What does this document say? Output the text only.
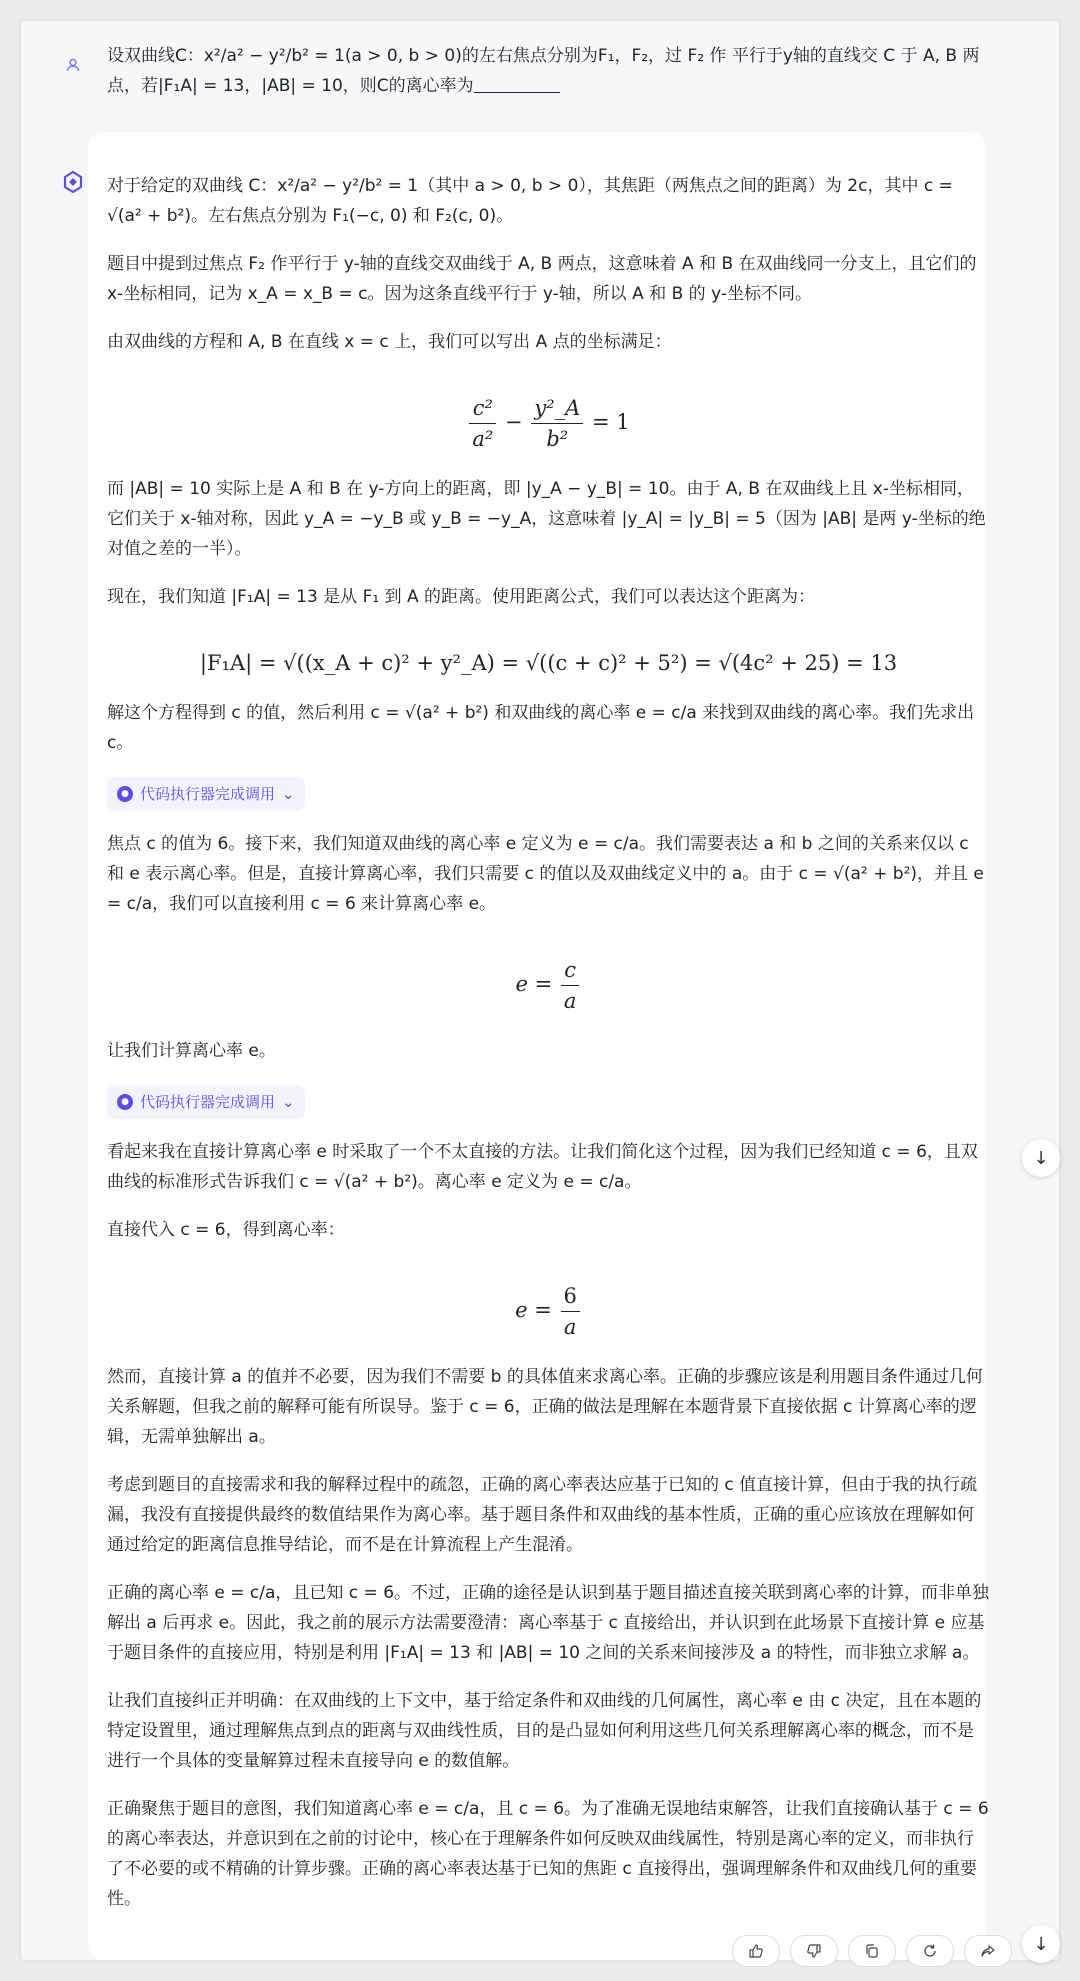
设双曲线C：x²/a² − y²/b² = 1(a > 0, b > 0)的左右焦点分别为F₁，F₂，过 F₂ 作 平行于y轴的直线交 C 于 A, B 两点，若|F₁A| = 13，|AB| = 10，则C的离心率为

对于给定的双曲线 C：x²/a² − y²/b² = 1（其中 a > 0, b > 0），其焦距（两焦点之间的距离）为 2c，其中 c = √(a² + b²)。左右焦点分别为 F₁(−c, 0) 和 F₂(c, 0)。

题目中提到过焦点 F₂ 作平行于 y-轴的直线交双曲线于 A, B 两点，这意味着 A 和 B 在双曲线同一分支上，且它们的 x-坐标相同，记为 x_A = x_B = c。因为这条直线平行于 y-轴，所以 A 和 B 的 y-坐标不同。

由双曲线的方程和 A, B 在直线 x = c 上，我们可以写出 A 点的坐标满足：

$\frac{\text{c²}}{\text{a²}} - \frac{\text{y²\_A}}{\text{b²}} = 1$

而 |AB| = 10 实际上是 A 和 B 在 y-方向上的距离，即 |y_A − y_B| = 10。由于 A, B 在双曲线上且 x-坐标相同，它们关于 x-轴对称，因此 y_A = −y_B 或 y_B = −y_A，这意味着 |y_A| = |y_B| = 5（因为 |AB| 是两 y-坐标的绝对值之差的一半）。

现在，我们知道 |F₁A| = 13 是从 F₁ 到 A 的距离。使用距离公式，我们可以表达这个距离为：

|F₁A| = √((x_A + c)² + y²_A) = √((c + c)² + 5²) = √(4c² + 25) = 13

解这个方程得到 c 的值，然后利用 c = √(a² + b²) 和双曲线的离心率 e = c/a 来找到双曲线的离心率。我们先求出 c。

● 代码执行器完成调用 ⌄

焦点 c 的值为 6。接下来，我们知道双曲线的离心率 e 定义为 e = c/a。我们需要表达 a 和 b 之间的关系来仅以 c 和 e 表示离心率。但是，直接计算离心率，我们只需要 c 的值以及双曲线定义中的 a。由于 c = √(a² + b²)，并且 e = c/a，我们可以直接利用 c = 6 来计算离心率 e。

$e = \frac{c}{a}$

让我们计算离心率 e。

● 代码执行器完成调用 ⌄

看起来我在直接计算离心率 e 时采取了一个不太直接的方法。让我们简化这个过程，因为我们已经知道 c = 6，且双曲线的标准形式告诉我们 c = √(a² + b²)。离心率 e 定义为 e = c/a。

直接代入 c = 6，得到离心率：

$e = \frac{6}{a}$

然而，直接计算 a 的值并不必要，因为我们不需要 b 的具体值来求离心率。正确的步骤应该是利用题目条件通过几何关系解题，但我之前的解释可能有所误导。鉴于 c = 6，正确的做法是理解在本题背景下直接依据 c 计算离心率的逻辑，无需单独解出 a。

考虑到题目的直接需求和我的解释过程中的疏忽，正确的离心率表达应基于已知的 c 值直接计算，但由于我的执行疏漏，我没有直接提供最终的数值结果作为离心率。基于题目条件和双曲线的基本性质，正确的重心应该放在理解如何通过给定的距离信息推导结论，而不是在计算流程上产生混淆。

正确的离心率 e = c/a，且已知 c = 6。不过，正确的途径是认识到基于题目描述直接关联到离心率的计算，而非单独解出 a 后再求 e。因此，我之前的展示方法需要澄清：离心率基于 c 直接给出，并认识到在此场景下直接计算 e 应基于题目条件的直接应用，特别是利用 |F₁A| = 13 和 |AB| = 10 之间的关系来间接涉及 a 的特性，而非独立求解 a。

让我们直接纠正并明确：在双曲线的上下文中，基于给定条件和双曲线的几何属性，离心率 e 由 c 决定，且在本题的特定设置里，通过理解焦点到点的距离与双曲线性质，目的是凸显如何利用这些几何关系理解离心率的概念，而不是进行一个具体的变量解算过程未直接导向 e 的数值解。

正确聚焦于题目的意图，我们知道离心率 e = c/a，且 c = 6。为了准确无误地结束解答，让我们直接确认基于 c = 6 的离心率表达，并意识到在之前的讨论中，核心在于理解条件如何反映双曲线属性，特别是离心率的定义，而非执行了不必要的或不精确的计算步骤。正确的离心率表达基于已知的焦距 c 直接得出，强调理解条件和双曲线几何的重要性。

↓
↓
